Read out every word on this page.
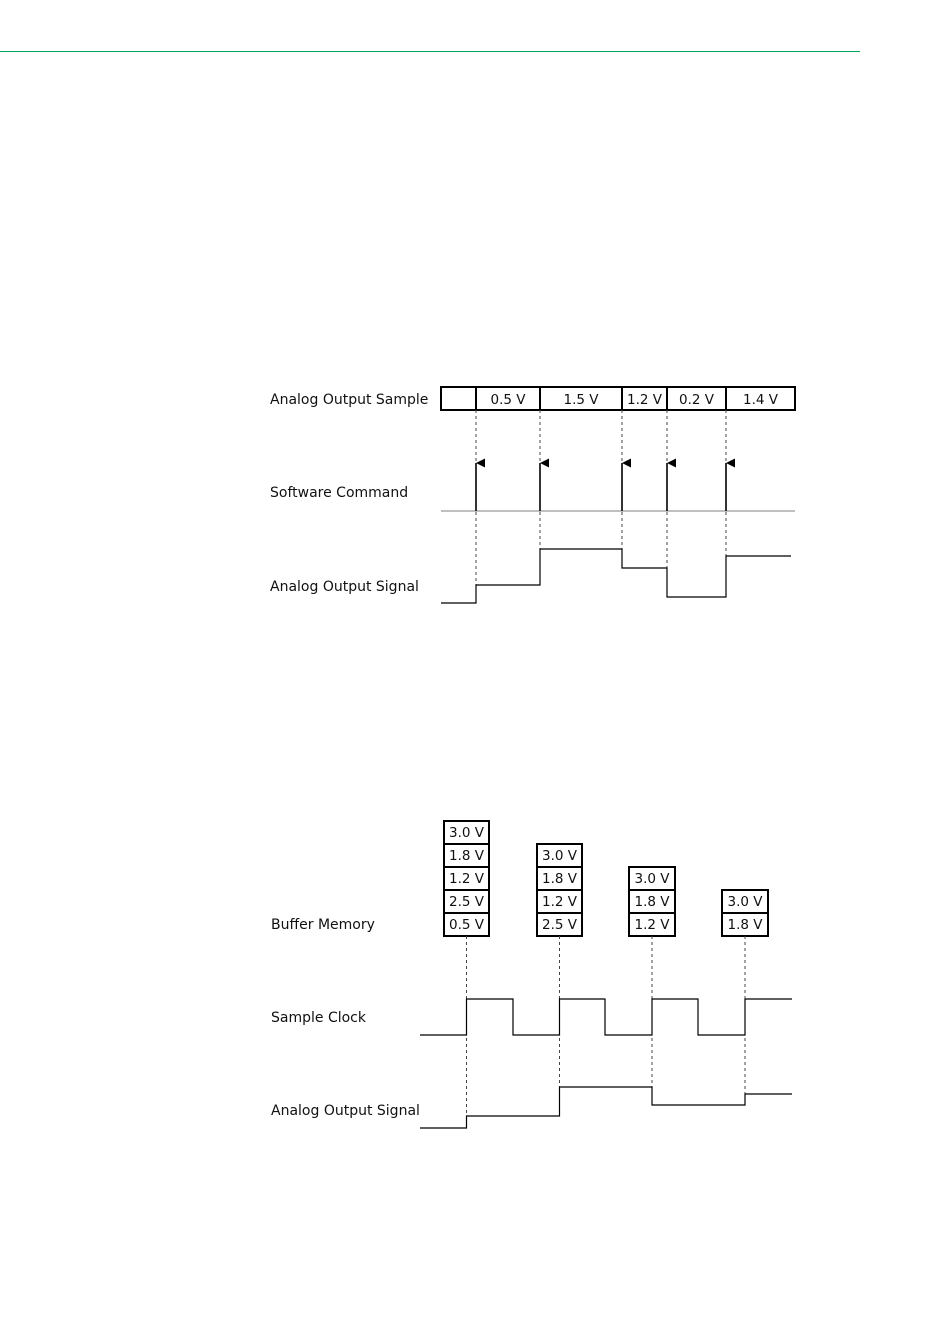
Analog Output Sample
Software Command
Analog Output Signal
0.5 V	1.5 V 1.2 V 0.2 V 1.4 V
Buffer Memory
Sample Clock
Analog Output Signal
3.0 V
1.8 V
1.2 V
2.5 V
0.5 V
3.0 V
1.8 V
1.2 V
2.5 V
3.0 V
1.8 V
1.2 V
3.0 V
1.8 V
